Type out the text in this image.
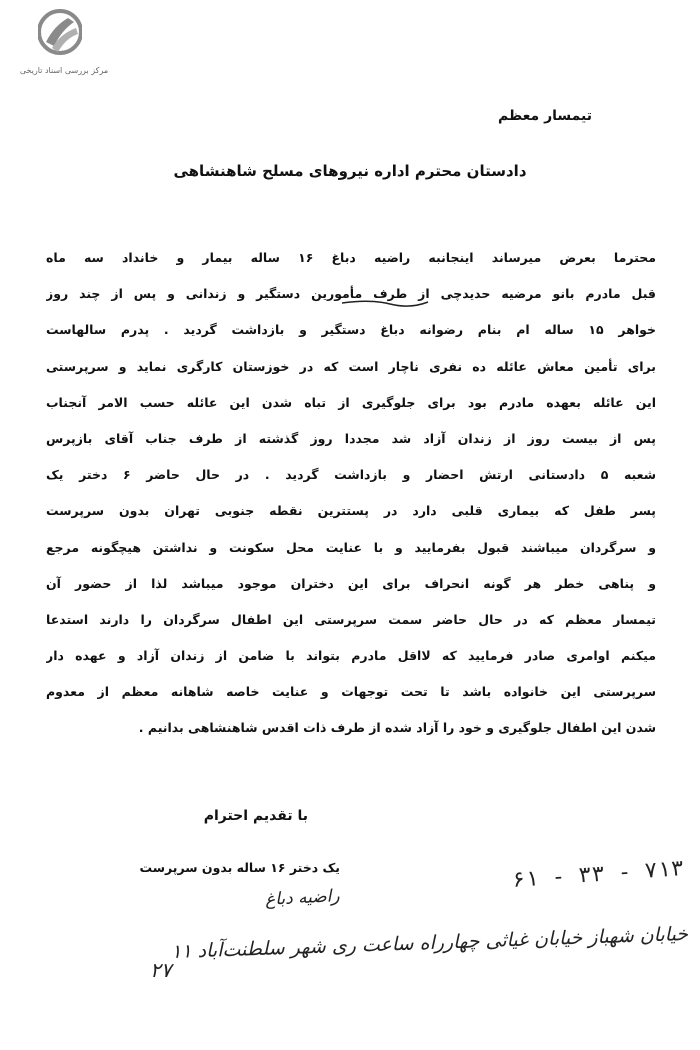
مرکز بررسی اسناد تاریخی
تیمسار معظم
دادستان محترم اداره نیروهای مسلح شاهنشاهی
محترما بعرض میرساند اینجانبه راضیه دباغ ۱۶ ساله بیمار و خانداد سه ماه
قبل مادرم بانو مرضیه حدیدچی از طرف مأمورین دستگیر و زندانی و پس از چند روز
خواهر ۱۵ ساله ام بنام رضوانه دباغ دستگیر و بازداشت گردید . پدرم سالهاست
برای تأمین معاش عائله ده نفری ناچار است که در خوزستان کارگری نماید و سرپرستی
این عائله بعهده مادرم بود برای جلوگیری از تباه شدن این عائله حسب الامر آنجناب
پس از بیست روز از زندان آزاد شد مجددا روز گذشته از طرف جناب آقای بازپرس
شعبه ۵ دادستانی ارتش احضار و بازداشت گردید . در حال حاضر ۶ دختر یک
پسر طفل که بیماری قلبی دارد در پستترین نقطه جنوبی تهران بدون سرپرست
و سرگردان میباشند قبول بفرمایید و با عنایت محل سکونت و نداشتن هیچگونه مرجع
و پناهی خطر هر گونه انحراف برای این دختران موجود میباشد لذا از حضور آن
تیمسار معظم که در حال حاضر سمت سرپرستی این اطفال سرگردان را دارند استدعا
میکنم اوامری صادر فرمایید که لااقل مادرم بتواند با ضامن از زندان آزاد و عهده دار
سرپرستی این خانواده باشد تا تحت توجهات و عنایت خاصه شاهانه معظم از معدوم
شدن این اطفال جلوگیری و خود را آزاد شده از طرف ذات اقدس شاهنشاهی بدانیم .
با تقدیم احترام
یک دختر ۱۶ ساله بدون سرپرست
راضیه دباغ
۶۱ - ۳۳ - ۷۱۳
خیابان شهباز خیابان غیاثی چهارراه ساعت ری شهر سلطنت‌آباد ۱۱
۲۷
